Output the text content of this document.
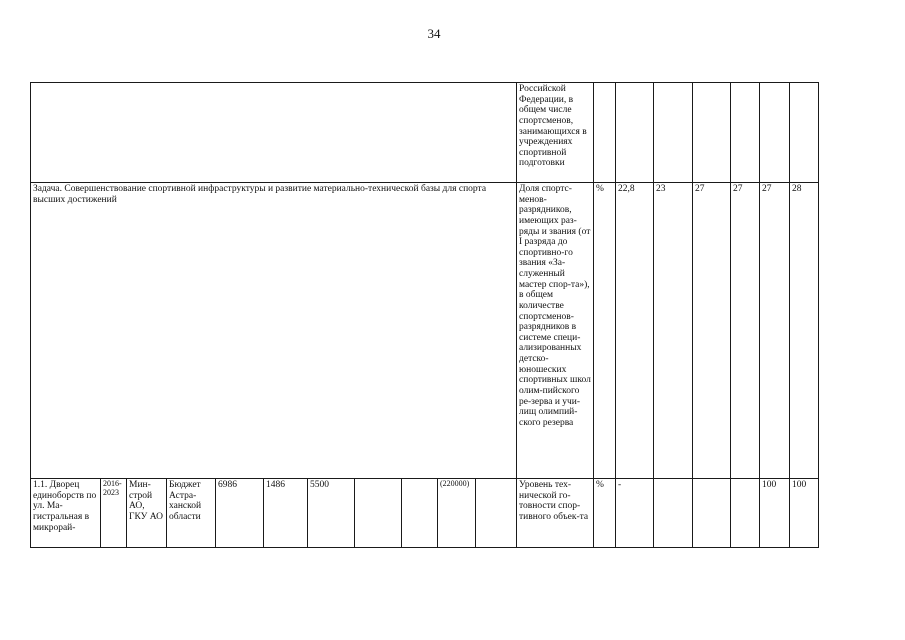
34
											Российской Федерации, в общем числе спортсменов, занимающихся в учреждениях спортивной подготовки							
Задача. Совершенствование спортивной инфраструктуры и развитие материально-технической базы для спорта высших достижений											Доля спортс-менов-разрядников, имеющих раз-ряды и звания (от I разряда до спортивно-го звания «За-служенный мастер спор-та»), в общем количестве спортсменов-разрядников в системе специ-ализированных детско-юношеских спортивных школ олим-пийского ре-зерва и учи-лищ олимпий-ского резерва	%	22,8	23	27	27	27	28
1.1. Дворец единоборств по ул. Ма-гистральная в микрорай-	2016-2023	Мин-строй АО, ГКУ АО	Бюджет Астра-ханской области	6986	1486	5500			(220000)		Уровень тех-нической го-товности спор-тивного объек-та	%	-				100	100
